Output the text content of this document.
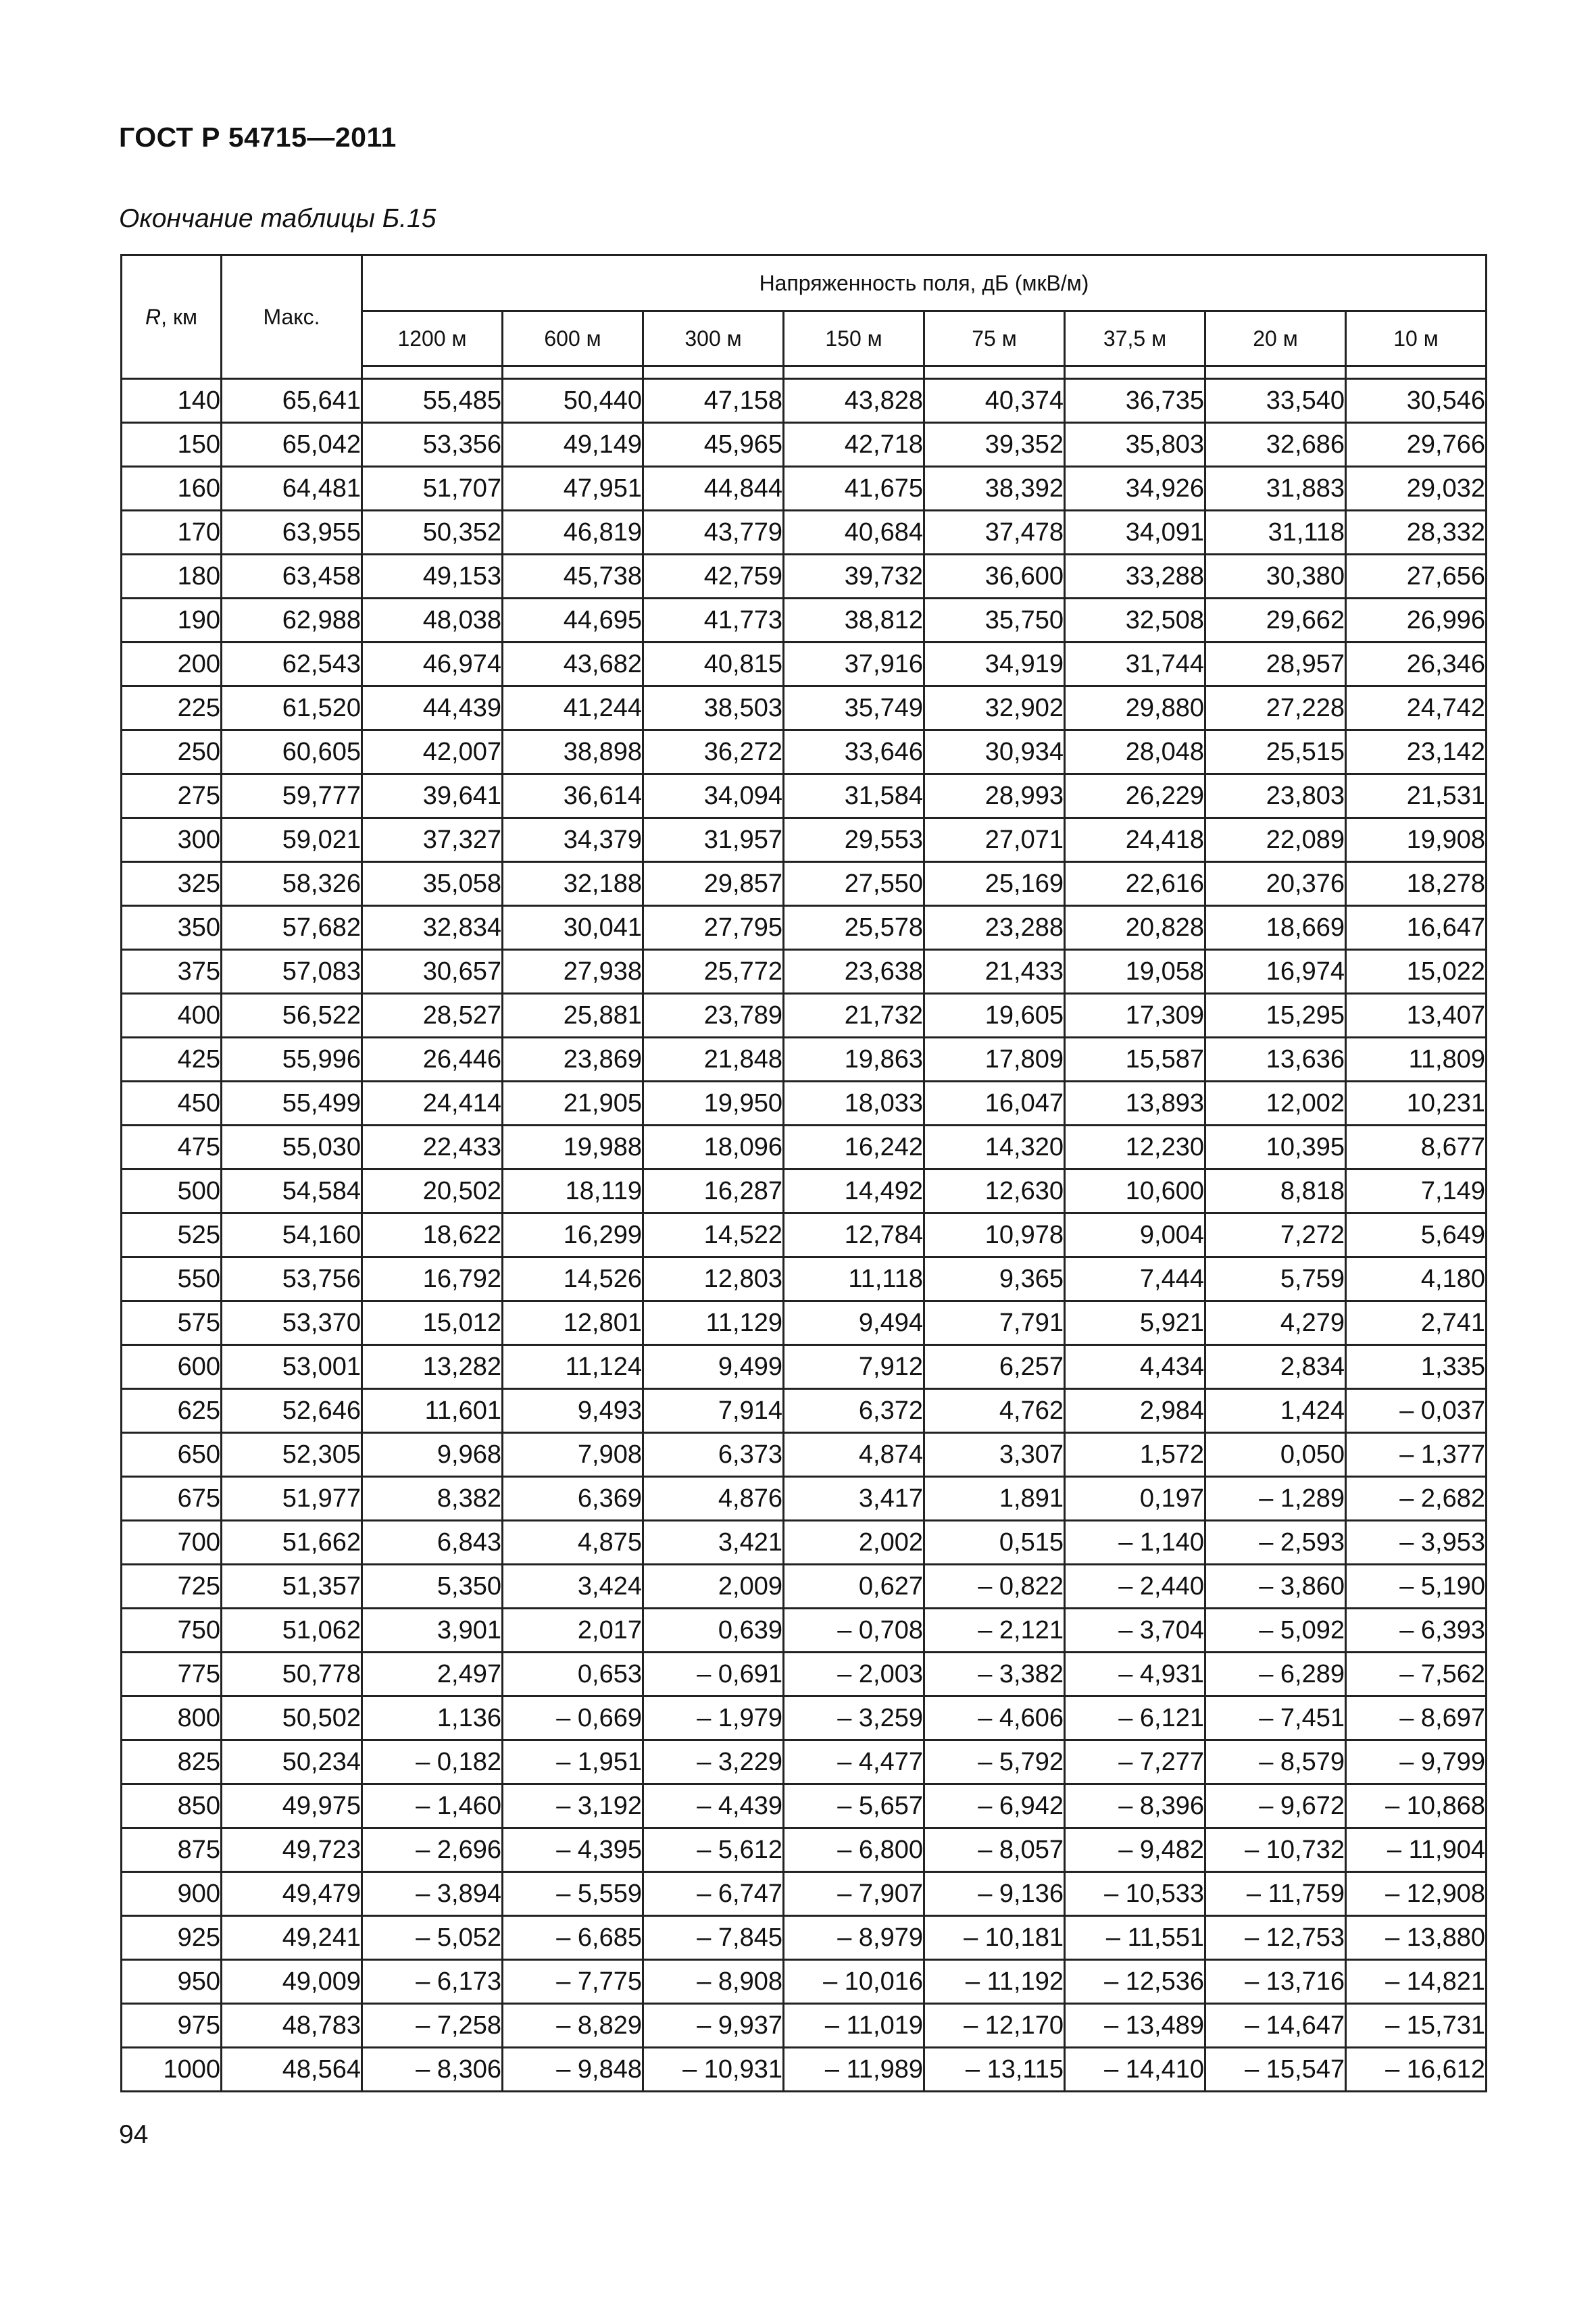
ГОСТ Р 54715—2011
Окончание таблицы Б.15
R, км	Макс.	Напряженность поля, дБ (мкВ/м)							
		1200 м	600 м	300 м	150 м	75 м	37,5 м	20 м	10 м

140	65,641	55,485	50,440	47,158	43,828	40,374	36,735	33,540	30,546
150	65,042	53,356	49,149	45,965	42,718	39,352	35,803	32,686	29,766
160	64,481	51,707	47,951	44,844	41,675	38,392	34,926	31,883	29,032
170	63,955	50,352	46,819	43,779	40,684	37,478	34,091	31,118	28,332
180	63,458	49,153	45,738	42,759	39,732	36,600	33,288	30,380	27,656
190	62,988	48,038	44,695	41,773	38,812	35,750	32,508	29,662	26,996
200	62,543	46,974	43,682	40,815	37,916	34,919	31,744	28,957	26,346
225	61,520	44,439	41,244	38,503	35,749	32,902	29,880	27,228	24,742
250	60,605	42,007	38,898	36,272	33,646	30,934	28,048	25,515	23,142
275	59,777	39,641	36,614	34,094	31,584	28,993	26,229	23,803	21,531
300	59,021	37,327	34,379	31,957	29,553	27,071	24,418	22,089	19,908
325	58,326	35,058	32,188	29,857	27,550	25,169	22,616	20,376	18,278
350	57,682	32,834	30,041	27,795	25,578	23,288	20,828	18,669	16,647
375	57,083	30,657	27,938	25,772	23,638	21,433	19,058	16,974	15,022
400	56,522	28,527	25,881	23,789	21,732	19,605	17,309	15,295	13,407
425	55,996	26,446	23,869	21,848	19,863	17,809	15,587	13,636	11,809
450	55,499	24,414	21,905	19,950	18,033	16,047	13,893	12,002	10,231
475	55,030	22,433	19,988	18,096	16,242	14,320	12,230	10,395	8,677
500	54,584	20,502	18,119	16,287	14,492	12,630	10,600	8,818	7,149
525	54,160	18,622	16,299	14,522	12,784	10,978	9,004	7,272	5,649
550	53,756	16,792	14,526	12,803	11,118	9,365	7,444	5,759	4,180
575	53,370	15,012	12,801	11,129	9,494	7,791	5,921	4,279	2,741
600	53,001	13,282	11,124	9,499	7,912	6,257	4,434	2,834	1,335
625	52,646	11,601	9,493	7,914	6,372	4,762	2,984	1,424	– 0,037
650	52,305	9,968	7,908	6,373	4,874	3,307	1,572	0,050	– 1,377
675	51,977	8,382	6,369	4,876	3,417	1,891	0,197	– 1,289	– 2,682
700	51,662	6,843	4,875	3,421	2,002	0,515	– 1,140	– 2,593	– 3,953
725	51,357	5,350	3,424	2,009	0,627	– 0,822	– 2,440	– 3,860	– 5,190
750	51,062	3,901	2,017	0,639	– 0,708	– 2,121	– 3,704	– 5,092	– 6,393
775	50,778	2,497	0,653	– 0,691	– 2,003	– 3,382	– 4,931	– 6,289	– 7,562
800	50,502	1,136	– 0,669	– 1,979	– 3,259	– 4,606	– 6,121	– 7,451	– 8,697
825	50,234	– 0,182	– 1,951	– 3,229	– 4,477	– 5,792	– 7,277	– 8,579	– 9,799
850	49,975	– 1,460	– 3,192	– 4,439	– 5,657	– 6,942	– 8,396	– 9,672	– 10,868
875	49,723	– 2,696	– 4,395	– 5,612	– 6,800	– 8,057	– 9,482	– 10,732	– 11,904
900	49,479	– 3,894	– 5,559	– 6,747	– 7,907	– 9,136	– 10,533	– 11,759	– 12,908
925	49,241	– 5,052	– 6,685	– 7,845	– 8,979	– 10,181	– 11,551	– 12,753	– 13,880
950	49,009	– 6,173	– 7,775	– 8,908	– 10,016	– 11,192	– 12,536	– 13,716	– 14,821
975	48,783	– 7,258	– 8,829	– 9,937	– 11,019	– 12,170	– 13,489	– 14,647	– 15,731
1000	48,564	– 8,306	– 9,848	– 10,931	– 11,989	– 13,115	– 14,410	– 15,547	– 16,612
94
